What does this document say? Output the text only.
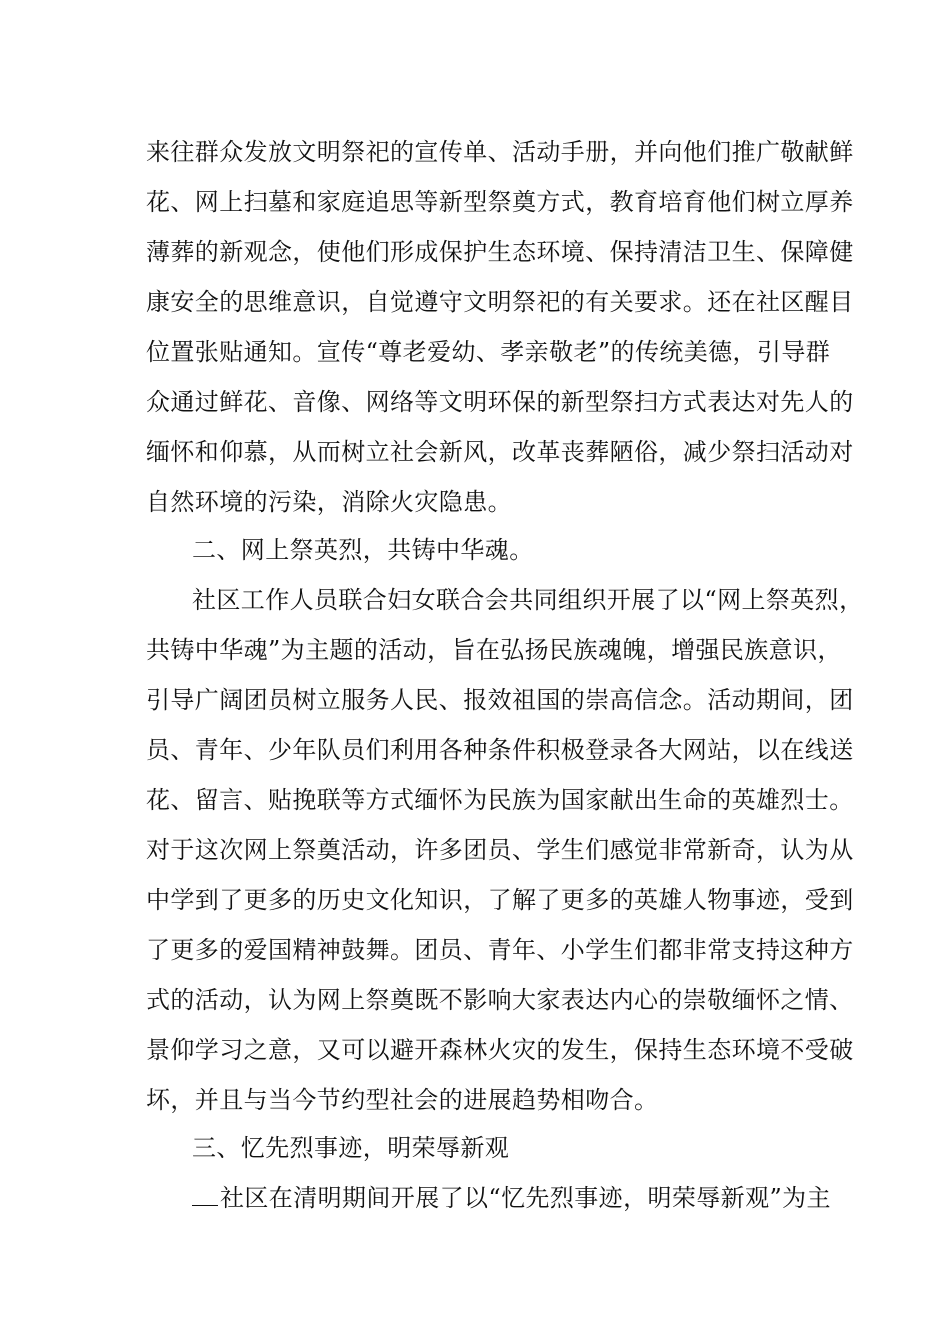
来往群众发放文明祭祀的宣传单、活动手册，并向他们推广敬献鲜
花、网上扫墓和家庭追思等新型祭奠方式，教育培育他们树立厚养
薄葬的新观念，使他们形成保护生态环境、保持清洁卫生、保障健
康安全的思维意识，自觉遵守文明祭祀的有关要求。还在社区醒目
位置张贴通知。宣传“尊老爱幼、孝亲敬老”的传统美德，引导群
众通过鲜花、音像、网络等文明环保的新型祭扫方式表达对先人的
缅怀和仰慕，从而树立社会新风，改革丧葬陋俗，减少祭扫活动对
自然环境的污染，消除火灾隐患。
二、网上祭英烈，共铸中华魂。
社区工作人员联合妇女联合会共同组织开展了以“网上祭英烈，
共铸中华魂”为主题的活动，旨在弘扬民族魂魄，增强民族意识，
引导广阔团员树立服务人民、报效祖国的崇高信念。活动期间，团
员、青年、少年队员们利用各种条件积极登录各大网站，以在线送
花、留言、贴挽联等方式缅怀为民族为国家献出生命的英雄烈士。
对于这次网上祭奠活动，许多团员、学生们感觉非常新奇，认为从
中学到了更多的历史文化知识，了解了更多的英雄人物事迹，受到
了更多的爱国精神鼓舞。团员、青年、小学生们都非常支持这种方
式的活动，认为网上祭奠既不影响大家表达内心的崇敬缅怀之情、
景仰学习之意，又可以避开森林火灾的发生，保持生态环境不受破
坏，并且与当今节约型社会的进展趋势相吻合。
三、忆先烈事迹，明荣辱新观
社区在清明期间开展了以“忆先烈事迹，明荣辱新观”为主
